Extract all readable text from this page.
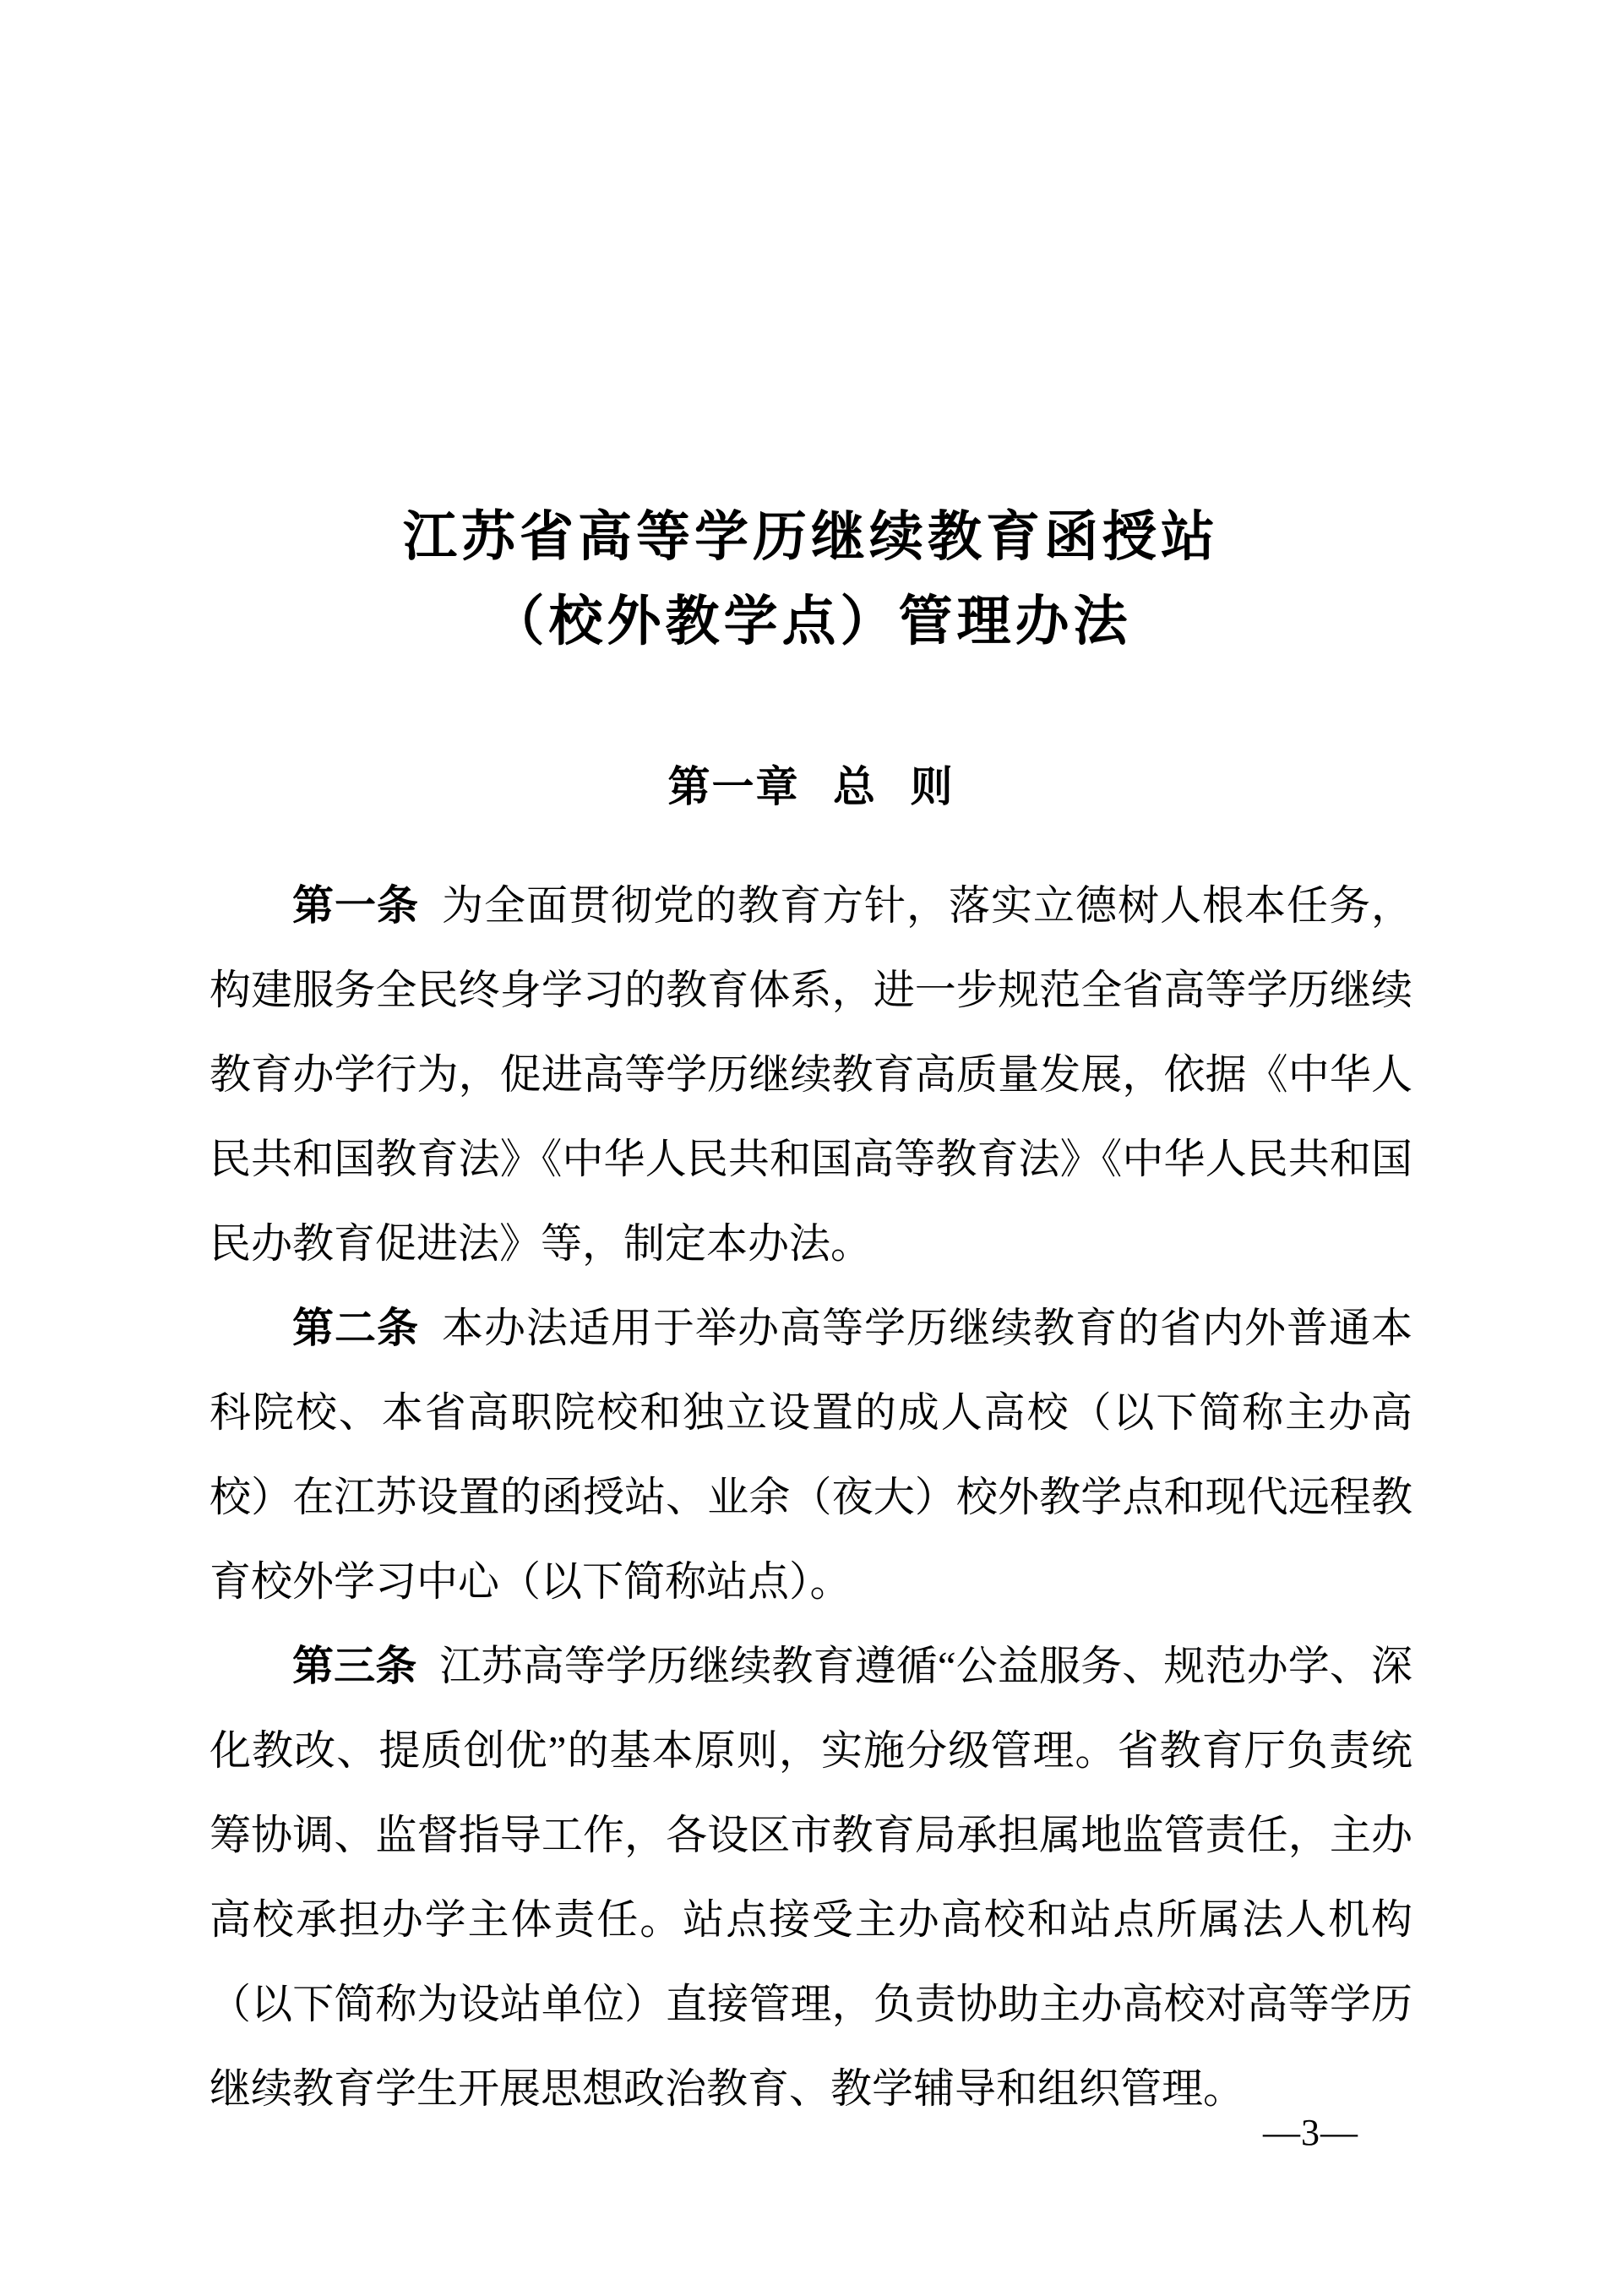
江苏省高等学历继续教育函授站
（校外教学点）管理办法
第一章 总 则

第一条 为全面贯彻党的教育方针，落实立德树人根本任务，构建服务全民终身学习的教育体系，进一步规范全省高等学历继续教育办学行为，促进高等学历继续教育高质量发展，依据《中华人民共和国教育法》《中华人民共和国高等教育法》《中华人民共和国民办教育促进法》等，制定本办法。

第二条 本办法适用于举办高等学历继续教育的省内外普通本科院校、本省高职院校和独立设置的成人高校（以下简称主办高校）在江苏设置的函授站、业余（夜大）校外教学点和现代远程教育校外学习中心（以下简称站点）。

第三条 江苏高等学历继续教育遵循“公益服务、规范办学、深化教改、提质创优”的基本原则，实施分级管理。省教育厅负责统筹协调、监督指导工作，各设区市教育局承担属地监管责任，主办高校承担办学主体责任。站点接受主办高校和站点所属法人机构（以下简称为设站单位）直接管理，负责协助主办高校对高等学历继续教育学生开展思想政治教育、教学辅导和组织管理。

—3—
